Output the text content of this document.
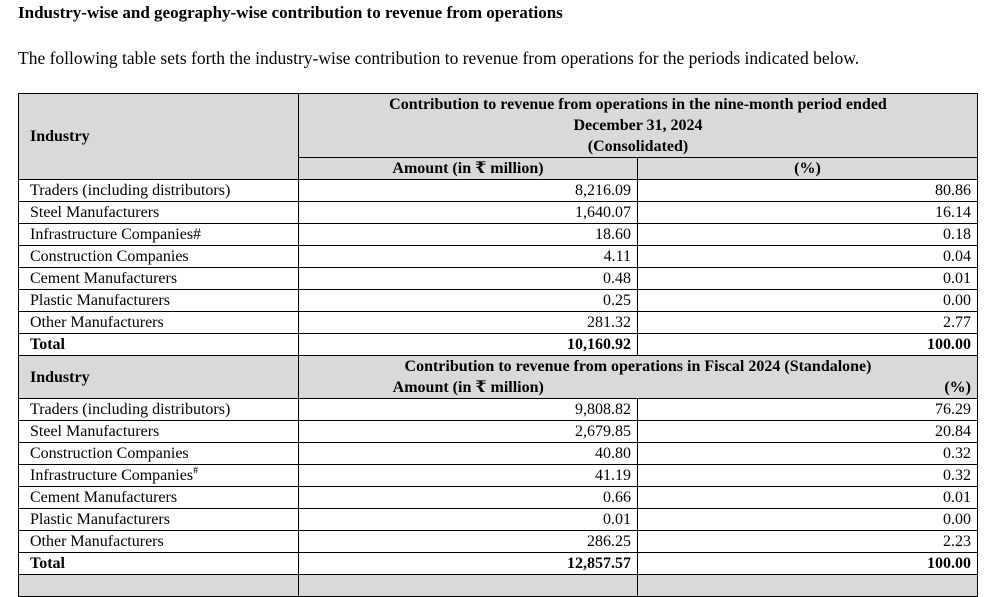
Industry-wise and geography-wise contribution to revenue from operations
The following table sets forth the industry-wise contribution to revenue from operations for the periods indicated below.
Industry	Contribution to revenue from operations in the nine-month period ended	
	December 31, 2024	
	(Consolidated)	
	Amount (in ₹ million)	(%)
Traders (including distributors)	8,216.09	80.86
Steel Manufacturers	1,640.07	16.14
Infrastructure Companies#	18.60	0.18
Construction Companies	4.11	0.04
Cement Manufacturers	0.48	0.01
Plastic Manufacturers	0.25	0.00
Other Manufacturers	281.32	2.77
Total	10,160.92	100.00
Industry	Contribution to revenue from operations in Fiscal 2024 (Standalone)	
	Amount (in ₹ million)	(%)
Traders (including distributors)	9,808.82	76.29
Steel Manufacturers	2,679.85	20.84
Construction Companies	40.80	0.32
Infrastructure Companies#	41.19	0.32
Cement Manufacturers	0.66	0.01
Plastic Manufacturers	0.01	0.00
Other Manufacturers	286.25	2.23
Total	12,857.57	100.00
